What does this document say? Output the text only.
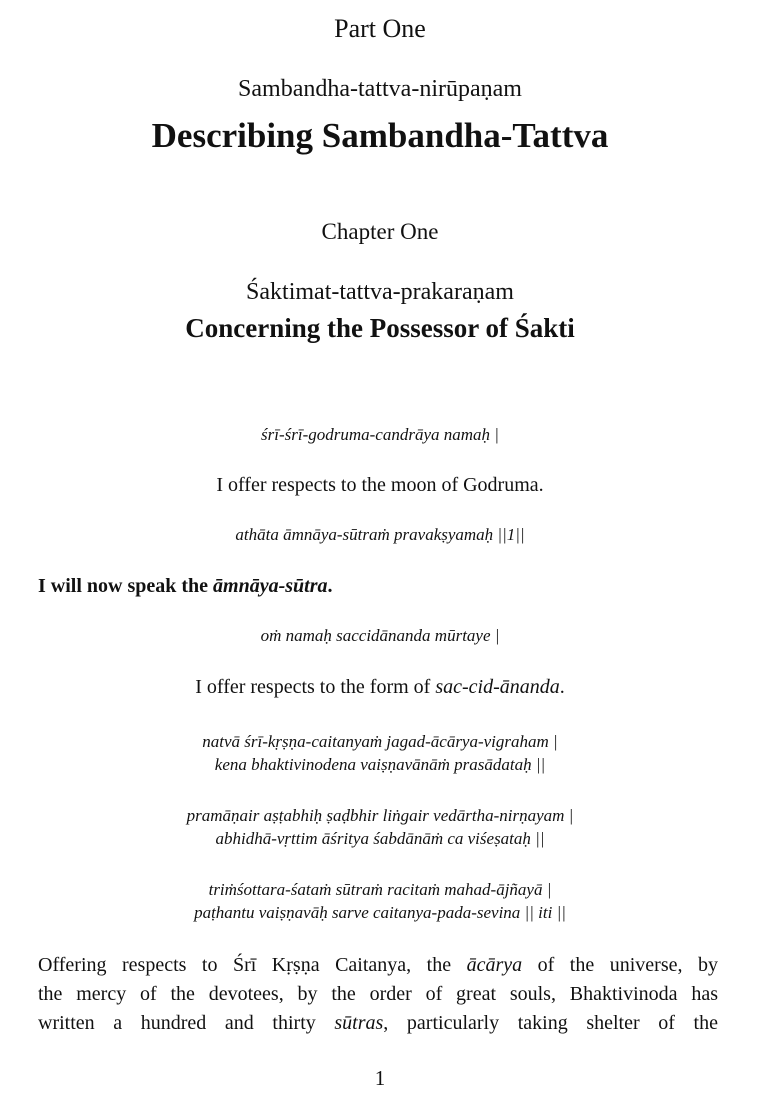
Part One
Sambandha-tattva-nirūpaṇam
Describing Sambandha-Tattva
Chapter One
Śaktimat-tattva-prakaraṇam
Concerning the Possessor of Śakti
śrī-śrī-godruma-candrāya namaḥ |
I offer respects to the moon of Godruma.
athāta āmnāya-sūtraṁ pravakṣyamaḥ ||1||
I will now speak the āmnāya-sūtra.
oṁ namaḥ saccidānanda mūrtaye |
I offer respects to the form of sac-cid-ānanda.
natvā śrī-kṛṣṇa-caitanyaṁ jagad-ācārya-vigraham |
kena bhaktivinodena vaiṣṇavānāṁ prasādataḥ ||
pramāṇair aṣṭabhiḥ ṣaḍbhir liṅgair vedārtha-nirṇayam |
abhidhā-vṛttim āśritya śabdānāṁ ca viśeṣataḥ ||
triṁśottara-śataṁ sūtraṁ racitaṁ mahad-ājñayā |
paṭhantu vaiṣṇavāḥ sarve caitanya-pada-sevina || iti ||
Offering respects to Śrī Kṛṣṇa Caitanya, the ācārya of the universe, by
the mercy of the devotees, by the order of great souls, Bhaktivinoda has
written a hundred and thirty sūtras, particularly taking shelter of the
1
